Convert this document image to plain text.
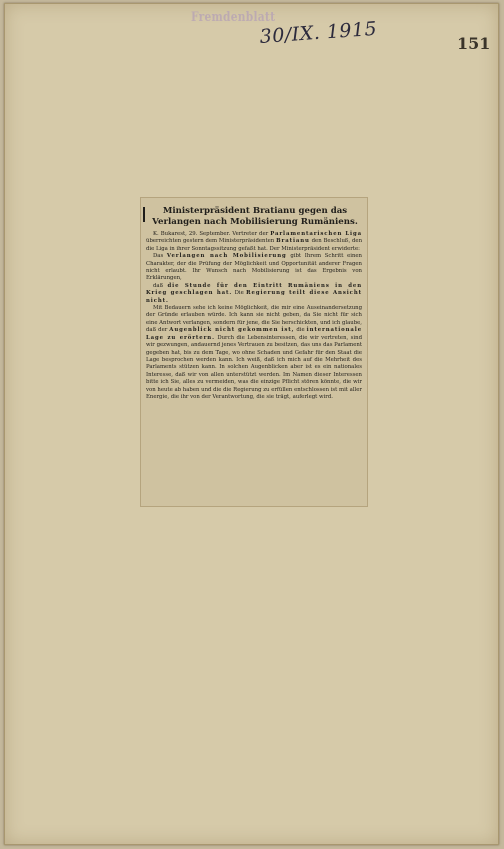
Fremdenblatt
30/IX. 1915	151
Ministerpräsident Bratianu gegen das Verlangen nach Mobilisierung Rumäniens.

K. Bukarest, 29. September. Vertreter der Parlamentarischen Liga überreichten gestern dem Ministerpräsidenten Bratianu den Beschluß, den die Liga in ihrer Sonntagssitzung gefaßt hat. Der Ministerpräsident erwiderte:

Das Verlangen nach Mobilisierung gibt Ihrem Schritt einen Charakter, der die Prüfung der Möglichkeit und Opportunität anderer Fragen nicht erlaubt. Ihr Wunsch nach Mobilisierung ist das Ergebnis von Erklärungen,

daß die Stunde für den Eintritt Rumäniens in den Krieg geschlagen hat. Die Regierung teilt diese Ansicht nicht.

Mit Bedauern sehe ich keine Möglichkeit, die mir eine Auseinandersetzung der Gründe erlauben würde. Ich kann sie nicht geben, da Sie nicht für sich eine Antwort verlangen, sondern für jene, die Sie herschickten, und ich glaube, daß der Augenblick nicht gekommen ist, die internationale Lage zu erörtern. Durch die Lebensinteressen, die wir vertreten, sind wir gezwungen, andauernd jenes Vertrauen zu besitzen, das uns das Parlament gegeben hat, bis zu dem Tage, wo ohne Schaden und Gefahr für den Staat die Lage besprochen werden kann. Ich weiß, daß ich mich auf die Mehrheit des Parlaments stützen kann. In solchen Augenblicken aber ist es ein nationales Interesse, daß wir von allen unterstützt werden. Im Namen dieser Interessen bitte ich Sie, alles zu vermeiden, was die einzige Pflicht stören könnte, die wir von heute ab haben und die die Regierung zu erfüllen entschlossen ist mit aller Energie, die ihr von der Verantwortung, die sie trägt, auferlegt wird.
